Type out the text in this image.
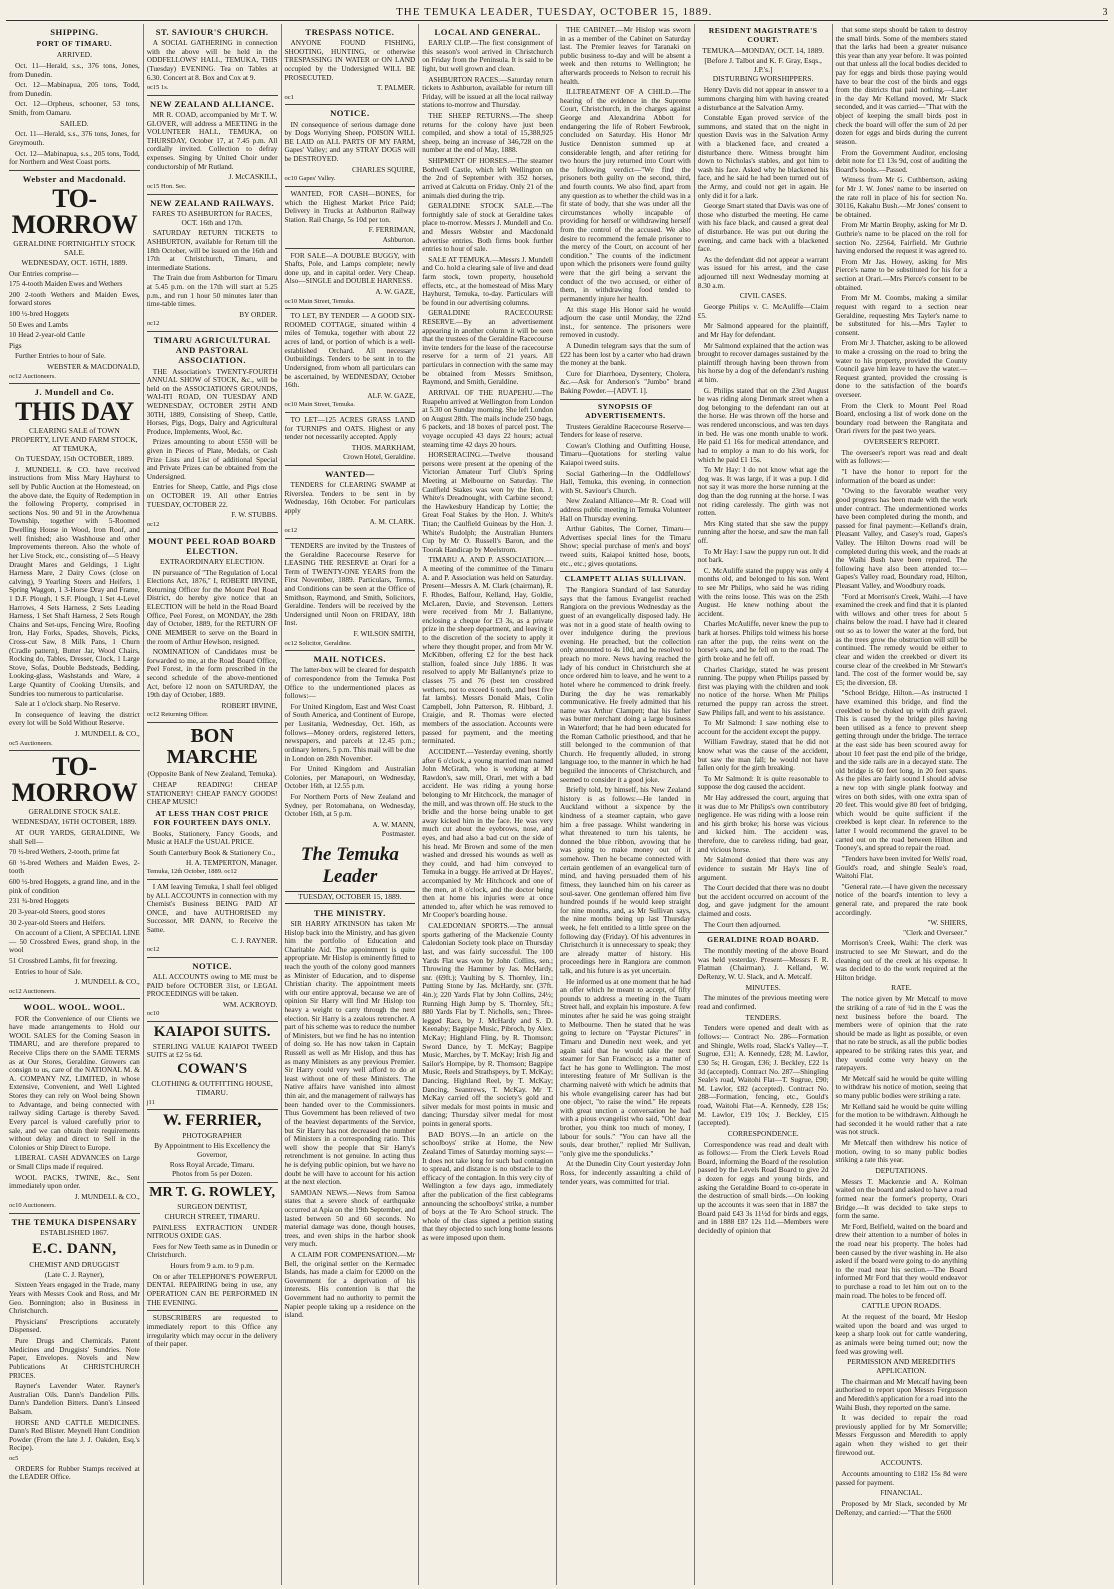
THE TEMUKA LEADER, TUESDAY, OCTOBER 15, 1889.	3
SHIPPING.
PORT OF TIMARU.
ARRIVED.

Oct. 11—Herald, s.s., 376 tons, Jones, from Dunedin.

Oct. 12—Mabinapua, 205 tons, Todd, from Dunedin.

Oct. 12—Orpheus, schooner, 53 tons, Smith, from Oamaru.

SAILED.

Oct. 11—Herald, s.s., 376 tons, Jones, for Greymouth.

Oct. 12—Mabinapua, s.s., 205 tons, Todd, for Northern and West Coast ports.

Webster and Macdonald.
TO-MORROW
GERALDINE FORTNIGHTLY STOCK SALE.
WEDNESDAY, OCT. 16TH, 1889.

Our Entries comprise—

175 4-tooth Maiden Ewes and Wethers

200 2-tooth Wethers and Maiden Ewes, forward stores

100 ½-bred Hoggets

50 Ewes and Lambs

10 Head 2-year-old Cattle

Pigs

Further Entries to hour of Sale.

WEBSTER & MACDONALD,
oc12 Auctioneers.
J. Mundell and Co.
THIS DAY
CLEARING SALE of TOWN PROPERTY, LIVE AND FARM STOCK, AT TEMUKA,
On TUESDAY, 15th OCTOBER, 1889.

J. MUNDELL & CO. have received instructions from Miss Mary Hayhurst to sell by Public Auction at the Homestead, on the above date, the Equity of Redemption in the following Property, comprised in sections Nos. 90 and 91 in the Arowhenua Township, together with 5-Roomed Dwelling House in Wood, Iron Roof, and well finished; also Washhouse and other Improvements thereon. Also the whole of her Live Stock, etc., consisting of—5 Heavy Draught Mares and Geldings, 1 Light Harness Mare, 2 Dairy Cows (close on calving), 9 Yearling Steers and Heifers, 1 Spring Waggon, 1 3-Horse Dray and Frame, 1 D.F. Plough, 1 S.F. Plough, 1 Set 4-Level Harrows, 4 Sets Harness, 2 Sets Leading Harness, 1 Set Shaft Harness, 2 Sets Rough Chains and Set-ups, Fencing Wire, Roofing Iron, Hay Forks, Spades, Shovels, Picks, Cross-cut Saw, 8 Milk Pans, 1 Churn (Cradle pattern), Butter Jar, Wood Chairs, Rocking do, Tables, Dresser, Clock, 1 Large Stove, Sofas, Double Bedsteads, Bedding, Looking-glass, Washstands and Ware, a Large Quantity of Cooking Utensils, and Sundries too numerous to particularise.

Sale at 1 o'clock sharp. No Reserve.

In consequence of leaving the district every lot will be Sold Without Reserve.

J. MUNDELL & CO.,
oc5 Auctioneers.
TO-MORROW
GERALDINE STOCK SALE.
WEDNESDAY, 16TH OCTOBER, 1889.

AT OUR YARDS, GERALDINE, We shall Sell—

70 ½-bred Wethers, 2-tooth, prime fat

60 ½-bred Wethers and Maiden Ewes, 2-tooth

600 ½-bred Hoggets, a grand line, and in the pink of condition

231 ¾-bred Hoggets

20 3-year-old Steers, good stores

30 2-year-old Steers and Heifers.

On account of a Client, A SPECIAL LINE— 50 Crossbred Ewes, grand shop, in the wool

51 Crossbred Lambs, fit for freezing.

Entries to hour of Sale.

J. MUNDELL & CO.,
oc12 Auctioneers.
WOOL. WOOL. WOOL.

FOR the Convenience of our Clients we have made arrangements to Hold our WOOL SALES for the Coming Season in TIMARU, and are therefore prepared to Receive Clips there on the SAME TERMS as at Our Stores, Geraldine. Growers can consign to us, care of the NATIONAL M. & A. COMPANY NZ, LIMITED, in whose Extensive, Convenient, and Well Lighted Stores they can rely on Wool being Shown to Advantage, and being connected with railway siding Cartage is thereby Saved. Every parcel is valued carefully prior to sale, and we can obtain their requirements without delay and direct to Sell in the Colonies or Ship Direct to Europe.

LIBERAL CASH ADVANCES on Large or Small Clips made if required.

WOOL PACKS, TWINE, &c., Sent immediately upon order.

J. MUNDELL & CO.,
oc10 Auctioneers.
THE TEMUKA DISPENSARY
ESTABLISHED 1867.
E.C. DANN,
CHEMIST AND DRUGGIST
(Late C. J. Rayner),

Sixteen Years engaged in the Trade, many Years with Messrs Cook and Ross, and Mr Geo. Bonnington; also in Business in Christchurch.

Physicians' Prescriptions accurately Dispensed.

Pure Drugs and Chemicals. Patent Medicines and Druggists' Sundries. Note Paper, Envelopes. Novels and New Publications At CHRISTCHURCH PRICES.

Rayner's Lavender Water. Rayner's Australian Oils. Dann's Dandelion Pills. Dann's Dandelion Bitters. Dann's Linseed Balsam.

HORSE AND CATTLE MEDICINES. Dann's Red Blister. Meynell Hunt Condition Powder (From the late J. J. Oakden, Esq.'s Recipe).

oc5

ORDERS for Rubber Stamps received at the LEADER Office.

ST. SAVIOUR'S CHURCH.

A SOCIAL GATHERING in connection with the above will be held in the ODDFELLOWS' HALL, TEMUKA, THIS (Tuesday) EVENING. Tea on Tables at 6.30. Concert at 8. Box and Cox at 9.

oc15 1s.
NEW ZEALAND ALLIANCE.

MR R. COAD, accompanied by Mr T. W. GLOVER, will address a MEETING in the VOLUNTEER HALL, TEMUKA, on THURSDAY, October 17, at 7.45 p.m. All cordially invited. Collection to defray expenses. Singing by United Choir under conductorship of Mr Rutland.

J. McCASKILL,
oc15 Hon. Sec.
NEW ZEALAND RAILWAYS.
FARES TO ASHBURTON for RACES, OCT. 16th and 17th.

SATURDAY RETURN TICKETS to ASHBURTON, available for Return till the 18th October, will be issued on the 16th and 17th at Christchurch, Timaru, and intermediate Stations.

The Train due from Ashburton for Timaru at 5.45 p.m. on the 17th will start at 5.25 p.m., and run 1 hour 50 minutes later than time-table times.

BY ORDER.
oc12
TIMARU AGRICULTURAL AND PASTORAL ASSOCIATION.

THE Association's TWENTY-FOURTH ANNUAL SHOW of STOCK, &c., will be held on the ASSOCIATION'S GROUNDS, WAI-ITI ROAD, ON TUESDAY AND WEDNESDAY, OCTOBER 29TH AND 30TH, 1889, Consisting of Sheep, Cattle, Horses, Pigs, Dogs, Dairy and Agricultural Produce, Implements, Wool, &c.

Prizes amounting to about £550 will be given in Pieces of Plate, Medals, or Cash Prize Lists and List of additional Special and Private Prizes can be obtained from the Undersigned.

Entries for Sheep, Cattle, and Pigs close on OCTOBER 19. All other Entries TUESDAY, OCTOBER 22.

F. W. STUBBS.
oc12
MOUNT PEEL ROAD BOARD ELECTION.
EXTRAORDINARY ELECTION.

IN pursuance of "The Regulation of Local Elections Act, 1876," I, ROBERT IRVINE, Returning Officer for the Mount Peel Road District, do hereby give notice that an ELECTION will be held in the Road Board Office, Peel Forest, on MONDAY, the 28th day of October, 1889, for the RETURN OF ONE MEMBER to serve on the Board in the room of Arthur Hewlson, resigned.

NOMINATION of Candidates must be forwarded to me, at the Road Board Office, Peel Forest, in the form prescribed in the second schedule of the above-mentioned Act, before 12 noon on SATURDAY, the 19th day of October, 1889.

ROBERT IRVINE,
oc12 Returning Officer.
BON MARCHE
(Opposite Bank of New Zealand, Temuka).

CHEAP READING! CHEAP STATIONERY! CHEAP FANCY GOODS! CHEAP MUSIC!

AT LESS THAN COST PRICE FOR FOURTEEN DAYS ONLY.

Books, Stationery, Fancy Goods, and Music at HALF the USUAL PRICE.

South Canterbury Book & Stationery Co.,
H. A. TEMPERTON, Manager.
Temuka, 12th October, 1889. oc12

I AM leaving Temuka, I shall feel obliged by ALL ACCOUNTS in connection with my Chemist's Business BEING PAID AT ONCE, and have AUTHORISED my Successor, MR DANN, to Receive the Same.

C. J. RAYNER.
oc12
NOTICE.

ALL ACCOUNTS owing to ME must be PAID before OCTOBER 31st, or LEGAL PROCEEDINGS will be taken.

WM. ACKROYD.
oc10
KAIAPOI SUITS.

STERLING VALUE KAIAPOI TWEED SUITS at £2 5s 6d.

COWAN'S
CLOTHING & OUTFITTING HOUSE, TIMARU.
j11
W. FERRIER,
PHOTOGRAPHER
By Appointment to His Excellency the Governor,
Ross Royal Arcade, Timaru.
Photos from 5s per Dozen.
MR T. G. ROWLEY,
SURGEON DENTIST,
CHURCH STREET, TIMARU.

PAINLESS EXTRACTION UNDER NITROUS OXIDE GAS.

Fees for New Teeth same as in Dunedin or Christchurch.

Hours from 9 a.m. to 9 p.m.

On or after TELEPHONE'S POWERFUL DENTAL REPAIRING being in use, any OPERATION CAN BE PERFORMED IN THE EVENING.

SUBSCRIBERS are requested to immediately report to this Office any irregularity which may occur in the delivery of their paper.

TRESPASS NOTICE.

ANYONE FOUND FISHING, SHOOTING, HUNTING, or otherwise TRESPASSING IN WATER or ON LAND occupied by the Undersigned WILL BE PROSECUTED.

T. PALMER.
oc1
NOTICE.

IN consequence of serious damage done by Dogs Worrying Sheep, POISON WILL BE LAID on ALL PARTS OF MY FARM, Gapes' Valley; and any STRAY DOGS will be DESTROYED.

CHARLES SQUIRE,
oc10 Gapes' Valley.

WANTED, FOR CASH—BONES, for which the Highest Market Price Paid; Delivery in Trucks at Ashburton Railway Station. Rail Charge, 5s 10d per ton.

F. FERRIMAN,
Ashburton.

FOR SALE—A DOUBLE BUGGY, with Shafts, Pole, and Lamps complete; newly done up, and in capital order. Very Cheap. Also—SINGLE and DOUBLE HARNESS.

A. W. GAZE,
oc10 Main Street, Temuka.

TO LET, BY TENDER — A GOOD SIX-ROOMED COTTAGE, situated within 4 miles of Temuka, together with about 22 acres of land, or portion of which is a well-established Orchard. All necessary Outbuildings. Tenders to be sent in to the Undersigned, from whom all particulars can be ascertained, by WEDNESDAY, October 16th.

ALF. W. GAZE,
oc10 Main Street, Temuka.

TO LET—125 ACRES GRASS LAND for TURNIPS and OATS. Highest or any tender not necessarily accepted. Apply

THOS. MARKHAM,
Crown Hotel, Geraldine.
WANTED—

TENDERS for CLEARING SWAMP at Riverslea. Tenders to be sent in by Wednesday, 16th October. For particulars apply

A. M. CLARK.
oc12

TENDERS are invited by the Trustees of the Geraldine Racecourse Reserve for LEASING THE RESERVE at Orari for a Term of TWENTY-ONE YEARS from the First November, 1889. Particulars, Terms, and Conditions can be seen at the Office of Smithson, Raymond, and Smith, Solicitors, Geraldine. Tenders will be received by the Undersigned until Noon on FRIDAY, 18th Inst.

F. WILSON SMITH,
oc12 Solicitor, Geraldine.
MAIL NOTICES.

The latter-box will be cleared for despatch of correspondence from the Temuka Post Office to the undermentioned places as follows:—

For United Kingdom, East and West Coast of South America, and Continent of Europe, per Lusitania, Wednesday, Oct. 16th, as follows—Money orders, registered letters, newspapers, and parcels at 12.45 p.m.; ordinary letters, 5 p.m. This mail will be due in London on 28th November.

For United Kingdom and Australian Colonies, per Manapouri, on Wednesday, October 16th, at 12.55 p.m.

For Northern Ports of New Zealand and Sydney, per Rotomahana, on Wednesday, October 16th, at 5 p.m.

A. W. MANN,
Postmaster.
The Temuka Leader
TUESDAY, OCTOBER 15, 1889.
THE MINISTRY.

SIR HARRY ATKINSON has taken Mr Hislop back into the Ministry, and has given him the portfolio of Education and Charitable Aid. The appointment is quite appropriate. Mr Hislop is eminently fitted to teach the youth of the colony good manners as Minister of Education, and to dispense Christian charity. The appointment meets with our entire approval, because we are of opinion Sir Harry will find Mr Hislop too heavy a weight to carry through the next election. Sir Harry is a zealous retrencher. A part of his scheme was to reduce the number of Ministers, but we find he has no intention of doing so. He has now taken in Captain Russell as well as Mr Hislop, and thus has as many Ministers as any previous Premier. Sir Harry could very well afford to do at least without one of these Ministers. The Native affairs have vanished into almost thin air, and the management of railways has been handed over to the Commissioners. Thus Government has been relieved of two of the heaviest departments of the Service, but Sir Harry has not decreased the number of Ministers in a corresponding ratio. This well show the people that Sir Harry's retrenchment is not genuine. In acting thus he is defying public opinion, but we have no doubt he will have to account for his action at the next election.

SAMOAN NEWS.—News from Samoa states that a severe shock of earthquake occurred at Apia on the 19th September, and lasted between 50 and 60 seconds. No material damage was done, though houses, trees, and even ships in the harbor shook very much.

A CLAIM FOR COMPENSATION.—Mr Bell, the original settler on the Kermadec Islands, has made a claim for £2000 on the Government for a deprivation of his interests. His contention is that the Government had no authority to permit the Napier people taking up a residence on the island.

LOCAL AND GENERAL.

EARLY CLIP.—The first consignment of this season's wool arrived in Christchurch on Friday from the Peninsula. It is said to be light, but well grown and clean.

ASHBURTON RACES.—Saturday return tickets to Ashburton, available for return till Friday, will be issued at all the local railway stations to-morrow and Thursday.

THE SHEEP RETURNS.—The sheep returns for the colony have just been compiled, and show a total of 15,388,925 sheep, being an increase of 346,728 on the number at the end of May, 1888.

SHIPMENT OF HORSES.—The steamer Bothwell Castle, which left Wellington on the 2nd of September with 352 horses, arrived at Calcutta on Friday. Only 21 of the animals died during the trip.

GERALDINE STOCK SALE.—The fortnightly sale of stock at Geraldine takes place to-morrow. Messrs J. Mundell and Co. and Messrs Webster and Macdonald advertise entries. Both firms book further entries to hour of sale.

SALE AT TEMUKA.—Messrs J. Mundell and Co. hold a clearing sale of live and dead farm stock, town property, household effects, etc., at the homestead of Miss Mary Hayhurst, Temuka, to-day. Particulars will be found in our advertising columns.

GERALDINE RACECOURSE RESERVE.—By an advertisement appearing in another column it will be seen that the trustees of the Geraldine Racecourse invite tenders for the lease of the racecourse reserve for a term of 21 years. All particulars in connection with the same may be obtained from Messrs Smithson, Raymond, and Smith, Geraldine.

ARRIVAL OF THE RUAPEHU.—The Ruapehu arrived at Wellington from London at 5.30 on Sunday morning. She left London on August 28th. The mails include 250 bags, 6 packets, and 18 boxes of parcel post. The voyage occupied 43 days 22 hours; actual steaming time 42 days 20 hours.

HORSERACING.—Twelve thousand persons were present at the opening of the Victorian Amateur Turf Club's Spring Meeting at Melbourne on Saturday. The Caulfield Stakes was won by the Hon. J. White's Dreadnought, with Carbine second; the Hawkesbury Handicap by Lottie; the Great Foal Stakes by the Hon. J. White's Titan; the Caulfield Guineas by the Hon. J. White's Rudolph; the Australian Hunters Cup by Mr O. Russell's Baron, and the Toorak Handicap by Meelstrom.

TIMARU A. AND P. ASSOCIATION.—A meeting of the committee of the Timaru A. and P. Association was held on Saturday. Present—Messrs A. M. Clark (chairman), R. F. Rhodes, Balfour, Kelland, Hay, Goldie, McLaren, Davie, and Stevenson. Letters were received from Mr J. Ballantyne, enclosing a cheque for £3 3s, as a private prize in the sheep department, and leaving it to the discretion of the society to apply it where they thought proper, and from Mr W. McKibben, offering £2 for the best hack stallion, foaled since July 1886. It was resolved to apply Mr Ballantyne's prize to classes 75 and 76 (best ten crossbred wethers, not to exceed 6 tooth, and best five fat lambs). Messrs Donald Mais, Colin Campbell, John Patterson, R. Hibbard, J. Craigie, and R. Thomas were elected members of the association. Accounts were passed for payment, and the meeting terminated.

ACCIDENT.—Yesterday evening, shortly after 6 o'clock, a young married man named John McGrath, who is working at Mr Rawdon's, saw mill, Orari, met with a bad accident. He was riding a young horse belonging to Mr Hitchcock, the manager of the mill, and was thrown off. He stuck to the bridle and the horse being unable to get away kicked him in the face. He was very much cut about the eyebrows, nose, and eyes, and had also a bad cut on the side of his head. Mr Brown and some of the men washed and dressed his wounds as well as they could, and had him conveyed to Temuka in a buggy. He arrived at Dr Hayes', accompanied by Mr Hitchcock and one of the men, at 8 o'clock, and the doctor being then at home his injuries were at once attended to, after which he was removed to Mr Cooper's boarding house.

CALEDONIAN SPORTS.—The annual sports gathering of the Mackenzie County Caledonian Society took place on Thursday last, and was fairly successful. The 100 Yards Flat was won by John Collins, sen.; Throwing the Hammer by Jas. McHardy, snr. (69ft.); Vaulting by S. Thornley, 1in.; Putting Stone by Jas. McHardy, snr. (37ft. 4in.); 220 Yards Flat by John Collins, 24½; Running High Jump by S. Thornley, 5ft.; 880 Yards Flat by T. Nicholls, sen.; Three-legged Race, by J. McHardy and S. D. Keenaby; Bagpipe Music, Pibroch, by Alex. McKay; Highland Fling, by R. Thomson; Sword Dance, by T. McKay; Bagpipe Music, Marches, by T. McKay; Irish Jig and Sailor's Hornpipe, by R. Thomson; Bagpipe Music, Reels and Strathspeys, by T. McKay; Dancing, Highland Reel, by T. McKay; Dancing, Seantrews, T. McKay. Mr T. McKay carried off the society's gold and silver medals for most points in music and dancing; Thursday silver medal for most points in general sports.

BAD BOYS.—In an article on the schoolboys' strike at Home, the New Zealand Times of Saturday morning says:—It does not take long for such bad contagion to spread, and distance is no obstacle to the efficacy of the contagion. In this very city of Wellington a few days ago, immediately after the publication of the first cablegrams announcing the schoolboys' strike, a number of boys at the Te Aro School struck. The whole of the class signed a petition stating that they objected to such long home lessons as were imposed upon them.

THE CABINET.—Mr Hislop was sworn in as a member of the Cabinet on Saturday last. The Premier leaves for Taranaki on public business to-day and will be absent a week and then returns to Wellington; he afterwards proceeds to Nelson to recruit his health.

ILLTREATMENT OF A CHILD.—The hearing of the evidence in the Supreme Court, Christchurch, in the charges against George and Alexandrina Abbott for endangering the life of Robert Fewbrook, concluded on Saturday. His Honor Mr Justice Denniston summed up at considerable length, and after retiring for two hours the jury returned into Court with the following verdict—"We find the prisoners both guilty on the second, third, and fourth counts. We also find, apart from any question as to whether the child was in a fit state of body, that she was under all the circumstances wholly incapable of providing for herself or withdrawing herself from the control of the accused. We also desire to recommend the female prisoner to the mercy of the Court, on account of her condition." The counts of the indictment upon which the prisoners were found guilty were that the girl being a servant the conduct of the two accused, or either of them, in withdrawing food tended to permanently injure her health.

At this stage His Honor said he would adjourn the case until Monday, the 22nd inst., for sentence. The prisoners were removed in custody.

A Dunedin telegram says that the sum of £22 has been lost by a carter who had drawn the money at the bank.

Cure for Diarrhoea, Dysentery, Cholera, &c.—Ask for Anderson's "Jumbo" brand Baking Powder.—[ADVT. 1].

SYNOPSIS OF ADVERTISEMENTS.

Trustees Geraldine Racecourse Reserve—Tenders for lease of reserve.

Cowan's Clothing and Outfitting House, Timaru—Quotations for sterling value Kaiapoi tweed suits.

Social Gathering—In the Oddfellows' Hall, Temuka, this evening, in connection with St. Saviour's Church.

New Zealand Alliance—Mr R. Coad will address public meeting in Temuka Volunteer Hall on Thursday evening.

Arthur Gabites, The Corner, Timaru—Advertises special lines for the Timaru Show; special purchase of men's and boys' tweed suits, Kaiapoi knitted hose, boots, etc., etc.; gives quotations.

CLAMPETT ALIAS SULLIVAN.

The Rangiora Standard of last Saturday says that the famous Evangelist reached Rangiora on the previous Wednesday as the guest of an evangelically disposed lady. He was not in a good state of health owing to over indulgence during the previous evening. He preached, but the collection only amounted to 4s 10d, and he resolved to preach no more. News having reached the lady of his conduct in Christchurch she at once ordered him to leave, and he went to a hotel where he commenced to drink freely. During the day he was remarkably communicative. He freely admitted that his name was Arthur Clampett; that his father was butter merchant doing a large business in Waterford; that he had been educated for the Roman Catholic priesthood, and that he still belonged to the communion of that Church. He frequently alluded, in strong language too, to the manner in which he had beguiled the innocents of Christchurch, and seemed to consider it a good joke.

Briefly told, by himself, his New Zealand history is as follows:—He landed in Auckland without a sixpence by the kindness of a steamer captain, who gave him a free passage. Whilst wandering in what threatened to turn his talents, he donned the blue ribbon, avowing that he was going to make money out of it somehow. Then he became connected with certain gentlemen of an evangelical turn of mind, and having persuaded them of his fitness, they launched him on his career as soul-saver. One gentleman offered him five hundred pounds if he would keep straight for nine months, and, as Mr Sullivan says, the nine months being up last Thursday week, he felt entitled to a little spree on the following day (Friday). Of his adventures in Christchurch it is unnecessary to speak; they are already matter of history. His proceedings here in Rangiora are common talk, and his future is as yet uncertain.

He informed us at one moment that he had an offer which he meant to accept, of fifty pounds to address a meeting in the Tuam Street hall, and explain his imposture. A few minutes after he said he was going straight to Melbourne. Then he stated that he was going to lecture on "Paystar Pictures" in Timaru and Dunedin next week, and yet again said that he would take the next steamer for San Francisco; as a matter of fact he has gone to Wellington. The most interesting feature of Mr Sullivan is the charming naiveté with which he admits that his whole evangelising career has had but one object, "to raise the wind." He repeats with great unction a conversation he had with a pious evangelist who said, "Oh! dear brother, you think too much of money, I labour for souls." "You can have all the souls, dear brother," replied Mr Sullivan, "only give me the spondulicks."

At the Dunedin City Court yesterday John Ross, for indecently assaulting a child of tender years, was committed for trial.

RESIDENT MAGISTRATE'S COURT.
TEMUKA—MONDAY, OCT. 14, 1889.
[Before J. Talbot and K. F. Gray, Esqs., J.P.'s.]
DISTURBING WORSHIPPERS.

Henry Davis did not appear in answer to a summons charging him with having created a disturbance at the Salvation Army.

Constable Egan proved service of the summons, and stated that on the night in question Davis was in the Salvation Army with a blackened face, and created a disturbance there. Witness brought him down to Nicholas's stables, and got him to wash his face. Asked why he blackened his face, and he said he had been turned out of the Army, and could not get in again. He only did it for a lark.

George Smart stated that Davis was one of those who disturbed the meeting. He came with his face black, and caused a great deal of disturbance. He was put out during the evening, and came back with a blackened face.

As the defendant did not appear a warrant was issued for his arrest, and the case adjourned till next Wednesday morning at 8.30 a.m.

CIVIL CASES.

George Philips v. C. McAuliffe—Claim £5.

Mr Salmond appeared for the plaintiff, and Mr Hay for defendant.

Mr Salmond explained that the action was brought to recover damages sustained by the plaintiff through having been thrown from his horse by a dog of the defendant's rushing at him.

G. Philips stated that on the 23rd August he was riding along Denmark street when a dog belonging to the defendant ran out at the horse. He was thrown off the horse and was rendered unconscious, and was ten days in bed. He was one month unable to work. He paid £1 16s for medical attendance, and had to employ a man to do his work, for which he paid £1 15s.

To Mr Hay: I do not know what age the dog was. It was large, if it was a pup. I did not say it was more the horse running at the dog than the dog running at the horse. I was not riding carelessly. The girth was not rotten.

Mrs King stated that she saw the puppy running after the horse, and saw the man fall off.

To Mr Hay: I saw the puppy run out. It did not bark.

C. McAuliffe stated the puppy was only 4 months old, and belonged to his son. Went to see Mr Philips, who said he was riding with the reins loose. This was on the 25th August. He knew nothing about the accident.

Charles McAuliffe, never knew the pup to bark at horses. Philips told witness his horse ran after the pup, the reins went on the horse's ears, and he fell on to the road. The girth broke and he fell off.

Charles Claridge, stated he was present running. The puppy when Philips passed by first was playing with the children and took no notice of the horse. When Mr Philips returned the puppy ran across the street. Saw Philips fall, and went to his assistance.

To Mr Salmond: I saw nothing else to account for the accident except the puppy.

William Fawdray, stated that he did not know what was the cause of the accident, but saw the man fall; he would not have fallen only for the girth breaking.

To Mr Salmond: It is quite reasonable to suppose the dog caused the accident.

Mr Hay addressed the court, arguing that it was due to Mr Philips's own contributory negligence. He was riding with a loose rein and his girth broke; his horse was vicious and kicked him. The accident was, therefore, due to careless riding, bad gear, and vicious horse.

Mr Salmond denied that there was any evidence to sustain Mr Hay's line of argument.

The Court decided that there was no doubt but the accident occurred on account of the dog, and gave judgment for the amount claimed and costs.

The Court then adjourned.

GERALDINE ROAD BOARD.

The monthly meeting of the above Board was held yesterday. Present—Messrs F. R. Flatman (Chairman), J. Kelland, W. DeRenzy, W. U. Slack, and A. Metcalf.

MINUTES.

The minutes of the previous meeting were read and confirmed.

TENDERS.

Tenders were opened and dealt with as follows:— Contract No. 286—Formation and Shingle, Wells road, Slack's Valley—T. Sugrue, £31; A. Kennedy, £28; M. Lawlor, £30 5s; H. Grogan, £36; J. Beckley, £22 1s 3d (accepted). Contract No. 287—Shingling Seale's road, Waitohi Flat—T. Sugrue, £90; M. Lawlor, £82 (accepted). Contract No. 288—Formation, fencing, etc., Gould's road, Waitohi Flat—A. Kennedy, £28 15s; M. Lawlor, £19 10s; J. Beckley, £15 (accepted).

CORRESPONDENCE.

Correspondence was read and dealt with as follows:— From the Clerk Levels Road Board, informing the Board of the resolution passed by the Levels Road Board to give 2d a dozen for eggs and young birds, and asking the Geraldine Board to co-operate in the destruction of small birds.—On looking up the accounts it was seen that in 1887 the Board paid £43 3s 11½d for birds and eggs, and in 1888 £87 12s 11d.—Members were decidedly of opinion that

that some steps should be taken to destroy the small birds. Some of the members stated that the larks had been a greater nuisance this year than any year before. It was pointed out that unless all the local bodies decided to pay for eggs and birds those paying would have to bear the cost of the birds and eggs from the districts that paid nothing.—Later in the day Mr Kelland moved, Mr Slack seconded, and it was carried—"That with the object of keeping the small birds post in check the board will offer the sum of 2d per dozen for eggs and birds during the current season.

From the Government Auditor, enclosing debit note for £1 13s 9d, cost of auditing the Board's books.—Passed.

Witness from Mr G. Cuthbertson, asking for Mr J. W. Jones' name to be inserted on the rate roll in place of his for section No. 30116, Kakahu Bush.—Mr Jones' consent to be obtained.

From Mr Martin Brophy, asking for Mr D. Guthrie's name to be placed on the roll for section No. 22564, Fairfield. Mr Guthrie having endorsed the request it was agreed to.

From Mr Jas. Howey, asking for Mrs Pierce's name to be substituted for his for a section at Orari.—Mrs Pierce's consent to be obtained.

From Mr M. Coombs, making a similar request with regard to a section near Geraldine, requesting Mrs Tayler's name to be substituted for his.—Mrs Tayler to consent.

From Mr J. Thatcher, asking to be allowed to make a crossing on the road to bring the water to his property, provided the County Council gave him leave to have the water.—Request granted, provided the crossing is done to the satisfaction of the board's overseer.

From the Clerk to Mount Peel Road Board, enclosing a list of work done on the boundary road between the Rangitata and Orari rivers for the past two years.

OVERSEER'S REPORT.

The overseer's report was read and dealt with as follows:—

"I have the honor to report for the information of the board as under:

"Owing to the favorable weather very good progress has been made with the work under contract. The undermentioned works have been completed during the month, and passed for final payment:—Kelland's drain, Pleasant Valley, and Casey's road, Gapes's Valley. The Hilton Downs road will be completed during this week, and the roads at the Waihi Bush have been repaired. The following have also been attended to:—Gapes's Valley road, Boundary road, Hilton, Pleasant Valley, and Woodbury roads.

"Ford at Morrison's Creek, Waihi.—I have examined the creek and find that it is planted with willows and other trees for about 5 chains below the road. I have had it cleared out so as to lower the water at the ford, but as the trees grow the obstruction will still be continued. The remedy would be either to clear and widen the creekbed or divert its course clear of the creekbed in Mr Stewart's land. The cost of the former would be, say £5; the diversion, £8.

"School Bridge, Hilton.—As instructed I have examined this bridge, and find the creekbed to be choked up with drift gravel. This is caused by the bridge piles having been utilised as a fence to prevent sheep getting through under the bridge. The terrace at the east side has been scoured away for about 10 feet past the end pile of the bridge, and the side rails are in a decayed state. The old bridge is 60 feet long, in 20 feet spans. As the piles are fairly sound I should advise a new top with single plank footway and wires on both sides, with one extra span of 20 feet. This would give 80 feet of bridging, which would be quite sufficient if the creekbed is kept clear. In reference to the latter I would recommend the gravel to be carted out on the road between Hilton and Tooney's, and spread to repair the road.

"Tenders have been invited for Wells' road, Gould's road, and shingle Seale's road, Waitohi Flat.

"General rate.—I have given the necessary notice of the board's intention to levy a general rate, and prepared the rate book accordingly.

"W. SHIERS,
"Clerk and Overseer."

Morrison's Creek, Waihi: The clerk was instructed to see Mr Stewart, and do the cleaning out of the creek at his expense. It was decided to do the work required at the Hilton bridge.

RATE.

The notice given by Mr Metcalf to move the striking of a rate of ¾d in the £ was the next business before the board. The members were of opinion that the rate should be made as light as possible, or even that no rate be struck, as all the public bodies appeared to be striking rates this year, and they would come very heavy on the ratepayers.

Mr Metcalf said he would be quite willing to withdraw his notice of motion, seeing that so many public bodies were striking a rate.

Mr Kelland said he would be quite willing for the motion to be withdrawn. Although he had seconded it he would rather that a rate was not struck.

Mr Metcalf then withdrew his notice of motion, owing to so many public bodies striking a rate this year.

DEPUTATIONS.

Messrs T. Mackenzie and A. Kolman waited on the board and asked to have a road formed near the former's property, Orari Bridge.—It was decided to take steps to form the same.

Mr Ford, Belfield, waited on the board and drew their attention to a number of holes in the road near his property. The holes had been caused by the river washing in. He also asked if the board were going to do anything to the road near his section.—The Board informed Mr Ford that they would endeavor to purchase a road to let him out on to the main road. The holes to be fenced off.

CATTLE UPON ROADS.

At the request of the board, Mr Heslop waited upon the board and was urged to keep a sharp look out for cattle wandering, as animals were being turned out; now the feed was growing well.

PERMISSION AND MEREDITH'S APPLICATION.

The chairman and Mr Metcalf having been authorised to report upon Messrs Fergusson and Meredith's application for a road into the Waihi Bush, they reported on the same.

It was decided to repair the road previously applied for by Mr Somerville; Messrs Fergusson and Meredith to apply again when they wished to get their firewood out.

ACCOUNTS.

Accounts amounting to £182 15s 8d were passed for payment.

FINANCIAL.

Proposed by Mr Slack, seconded by Mr DeRenzy, and carried:—"That the £600
